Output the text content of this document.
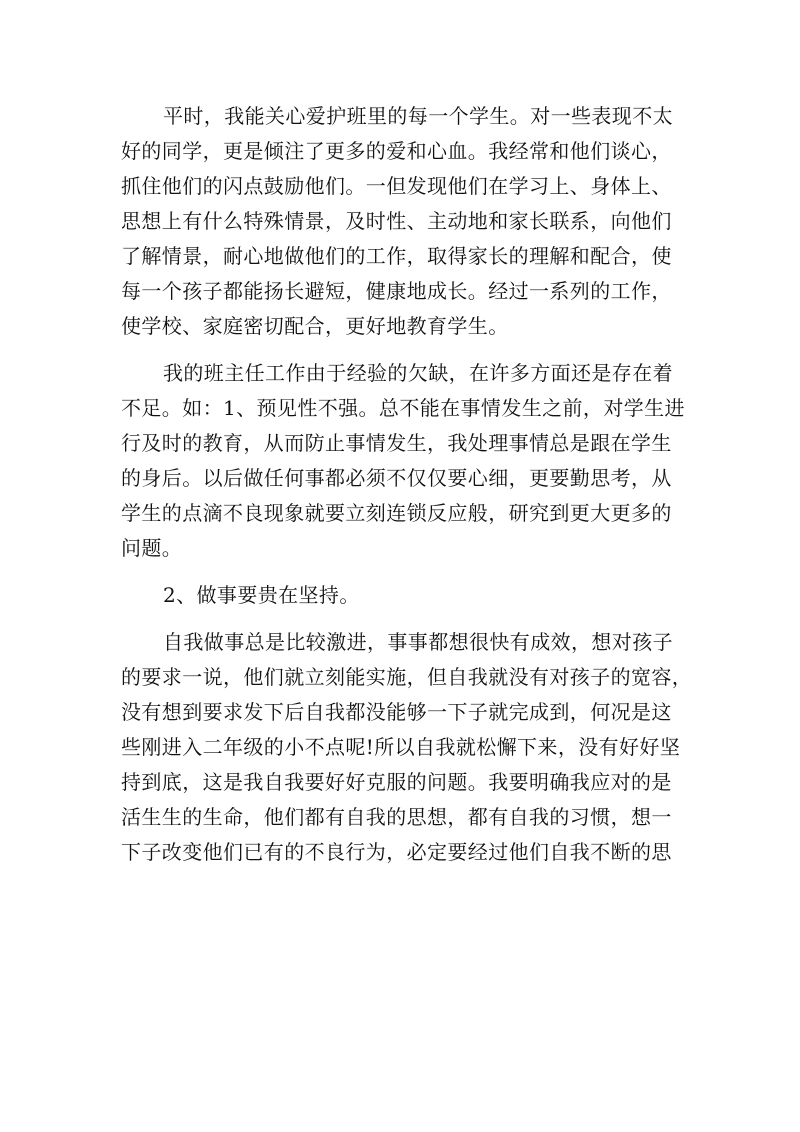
平时，我能关心爱护班里的每一个学生。对一些表现不太
好的同学，更是倾注了更多的爱和心血。我经常和他们谈心，
抓住他们的闪点鼓励他们。一但发现他们在学习上、身体上、
思想上有什么特殊情景，及时性、主动地和家长联系，向他们
了解情景，耐心地做他们的工作，取得家长的理解和配合，使
每一个孩子都能扬长避短，健康地成长。经过一系列的工作，
使学校、家庭密切配合，更好地教育学生。
我的班主任工作由于经验的欠缺，在许多方面还是存在着
不足。如：1、预见性不强。总不能在事情发生之前，对学生进
行及时的教育，从而防止事情发生，我处理事情总是跟在学生
的身后。以后做任何事都必须不仅仅要心细，更要勤思考，从
学生的点滴不良现象就要立刻连锁反应般，研究到更大更多的
问题。
2、做事要贵在坚持。
自我做事总是比较激进，事事都想很快有成效，想对孩子
的要求一说，他们就立刻能实施，但自我就没有对孩子的宽容，
没有想到要求发下后自我都没能够一下子就完成到，何况是这
些刚进入二年级的小不点呢!所以自我就松懈下来，没有好好坚
持到底，这是我自我要好好克服的问题。我要明确我应对的是
活生生的生命，他们都有自我的思想，都有自我的习惯，想一
下子改变他们已有的不良行为，必定要经过他们自我不断的思
